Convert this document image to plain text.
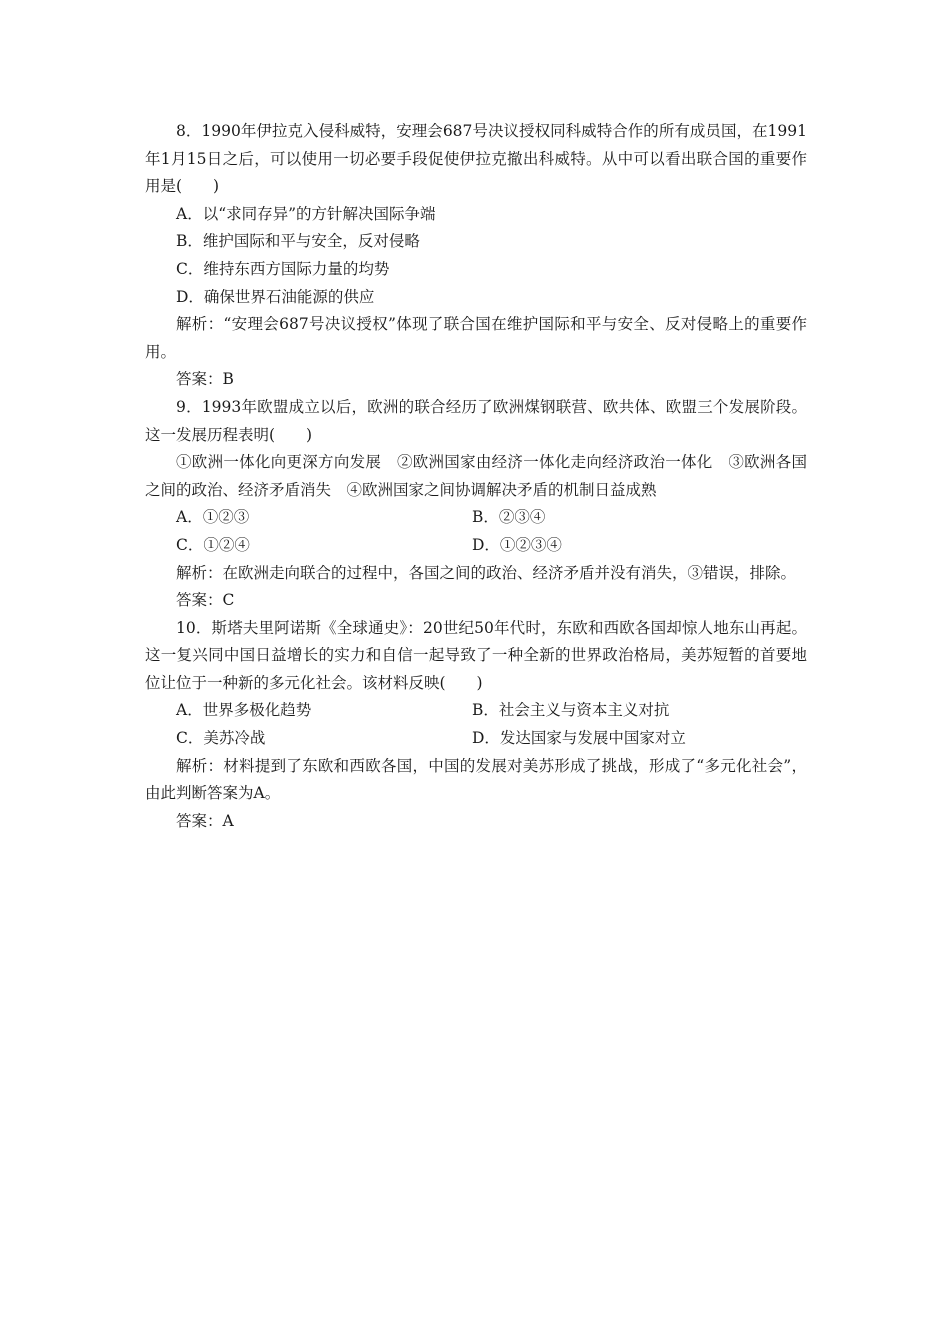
8．1990年伊拉克入侵科威特，安理会687号决议授权同科威特合作的所有成员国，在1991年1月15日之后，可以使用一切必要手段促使伊拉克撤出科威特。从中可以看出联合国的重要作用是(　　)

A．以“求同存异”的方针解决国际争端

B．维护国际和平与安全，反对侵略

C．维持东西方国际力量的均势

D．确保世界石油能源的供应

解析：“安理会687号决议授权”体现了联合国在维护国际和平与安全、反对侵略上的重要作用。

答案：B

9．1993年欧盟成立以后，欧洲的联合经历了欧洲煤钢联营、欧共体、欧盟三个发展阶段。这一发展历程表明(　　)

①欧洲一体化向更深方向发展　②欧洲国家由经济一体化走向经济政治一体化　③欧洲各国之间的政治、经济矛盾消失　④欧洲国家之间协调解决矛盾的机制日益成熟

A．①②③	B．②③④
C．①②④	D．①②③④

解析：在欧洲走向联合的过程中，各国之间的政治、经济矛盾并没有消失，③错误，排除。

答案：C

10．斯塔夫里阿诺斯《全球通史》：20世纪50年代时，东欧和西欧各国却惊人地东山再起。这一复兴同中国日益增长的实力和自信一起导致了一种全新的世界政治格局，美苏短暂的首要地位让位于一种新的多元化社会。该材料反映(　　)

A．世界多极化趋势	B．社会主义与资本主义对抗
C．美苏冷战	D．发达国家与发展中国家对立

解析：材料提到了东欧和西欧各国，中国的发展对美苏形成了挑战，形成了“多元化社会”，由此判断答案为A。

答案：A
